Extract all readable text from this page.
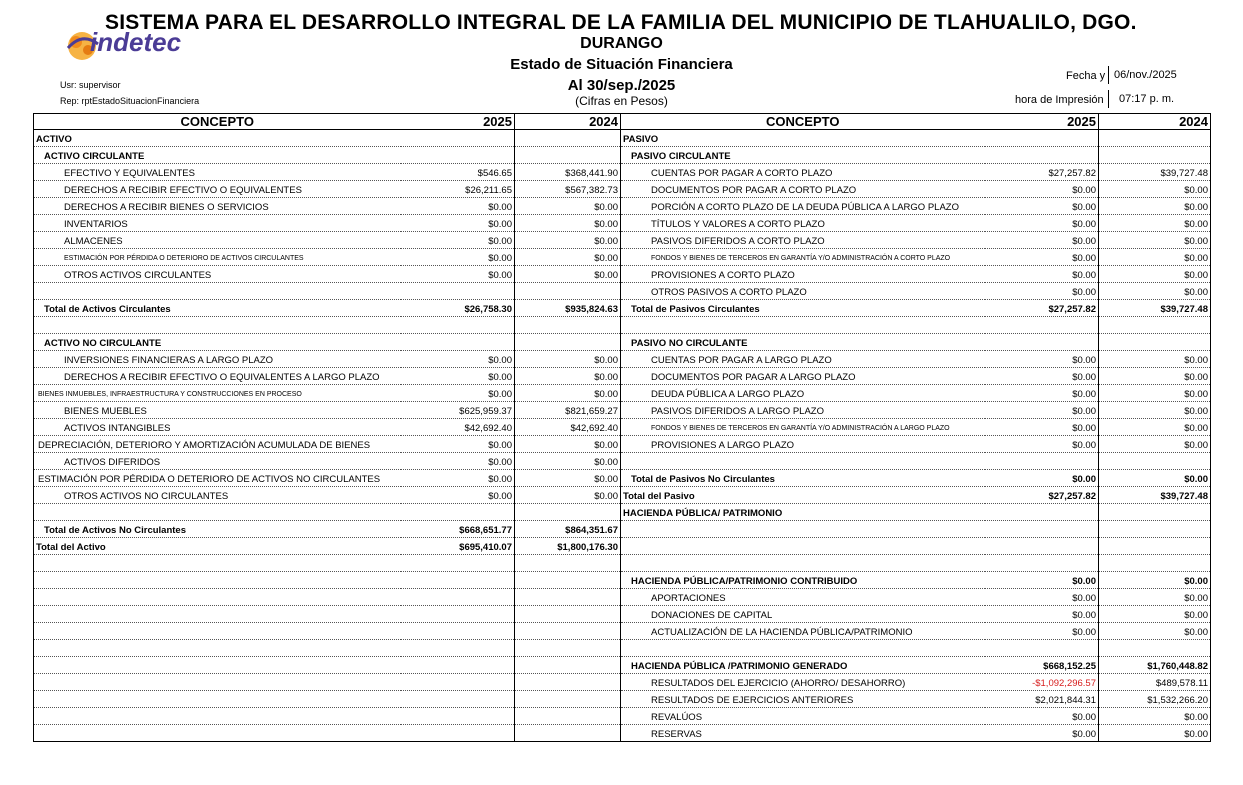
indetec
SISTEMA PARA EL DESARROLLO INTEGRAL DE LA FAMILIA DEL MUNICIPIO DE TLAHUALILO, DGO.
DURANGO
Estado de Situación Financiera
Al 30/sep./2025
(Cifras en Pesos)
Usr: supervisor
Rep: rptEstadoSituacionFinanciera
Fecha y 06/nov./2025
hora de Impresión 07:17 p. m.
CONCEPTO	2025	2024	CONCEPTO	2025	2024
ACTIVO			PASIVO		
ACTIVO CIRCULANTE			PASIVO CIRCULANTE		
EFECTIVO Y EQUIVALENTES	$546.65	$368,441.90	CUENTAS POR PAGAR A CORTO PLAZO	$27,257.82	$39,727.48
DERECHOS A RECIBIR EFECTIVO O EQUIVALENTES	$26,211.65	$567,382.73	DOCUMENTOS POR PAGAR A CORTO PLAZO	$0.00	$0.00
DERECHOS A RECIBIR BIENES O SERVICIOS	$0.00	$0.00	PORCIÓN A CORTO PLAZO DE LA DEUDA PÚBLICA A LARGO PLAZO	$0.00	$0.00
INVENTARIOS	$0.00	$0.00	TÍTULOS Y VALORES A CORTO PLAZO	$0.00	$0.00
ALMACENES	$0.00	$0.00	PASIVOS DIFERIDOS A CORTO PLAZO	$0.00	$0.00
ESTIMACIÓN POR PÉRDIDA O DETERIORO DE ACTIVOS CIRCULANTES	$0.00	$0.00	FONDOS Y BIENES DE TERCEROS EN GARANTÍA Y/O ADMINISTRACIÓN A CORTO PLAZO	$0.00	$0.00
OTROS ACTIVOS CIRCULANTES	$0.00	$0.00	PROVISIONES A CORTO PLAZO	$0.00	$0.00
			OTROS PASIVOS A CORTO PLAZO	$0.00	$0.00
Total de Activos Circulantes	$26,758.30	$935,824.63	Total de Pasivos Circulantes	$27,257.82	$39,727.48

ACTIVO NO CIRCULANTE			PASIVO NO CIRCULANTE		
INVERSIONES FINANCIERAS A LARGO PLAZO	$0.00	$0.00	CUENTAS POR PAGAR A LARGO PLAZO	$0.00	$0.00
DERECHOS A RECIBIR EFECTIVO O EQUIVALENTES A LARGO PLAZO	$0.00	$0.00	DOCUMENTOS POR PAGAR A LARGO PLAZO	$0.00	$0.00
BIENES INMUEBLES, INFRAESTRUCTURA Y CONSTRUCCIONES EN PROCESO	$0.00	$0.00	DEUDA PÚBLICA A LARGO PLAZO	$0.00	$0.00
BIENES MUEBLES	$625,959.37	$821,659.27	PASIVOS DIFERIDOS A LARGO PLAZO	$0.00	$0.00
ACTIVOS INTANGIBLES	$42,692.40	$42,692.40	FONDOS Y BIENES DE TERCEROS EN GARANTÍA Y/O ADMINISTRACIÓN A LARGO PLAZO	$0.00	$0.00
DEPRECIACIÓN, DETERIORO Y AMORTIZACIÓN ACUMULADA DE BIENES	$0.00	$0.00	PROVISIONES A LARGO PLAZO	$0.00	$0.00
ACTIVOS DIFERIDOS	$0.00	$0.00			
ESTIMACIÓN POR PÉRDIDA O DETERIORO DE ACTIVOS NO CIRCULANTES	$0.00	$0.00	Total de Pasivos No Circulantes	$0.00	$0.00
OTROS ACTIVOS NO CIRCULANTES	$0.00	$0.00	Total del Pasivo	$27,257.82	$39,727.48
			HACIENDA PÚBLICA/ PATRIMONIO		
Total de Activos No Circulantes	$668,651.77	$864,351.67			
Total del Activo	$695,410.07	$1,800,176.30			

			HACIENDA PÚBLICA/PATRIMONIO CONTRIBUIDO	$0.00	$0.00
			APORTACIONES	$0.00	$0.00
			DONACIONES DE CAPITAL	$0.00	$0.00
			ACTUALIZACIÓN DE LA HACIENDA PÚBLICA/PATRIMONIO	$0.00	$0.00

			HACIENDA PÚBLICA /PATRIMONIO GENERADO	$668,152.25	$1,760,448.82
			RESULTADOS DEL EJERCICIO (AHORRO/ DESAHORRO)	-$1,092,296.57	$489,578.11
			RESULTADOS DE EJERCICIOS ANTERIORES	$2,021,844.31	$1,532,266.20
			REVALÚOS	$0.00	$0.00
			RESERVAS	$0.00	$0.00
